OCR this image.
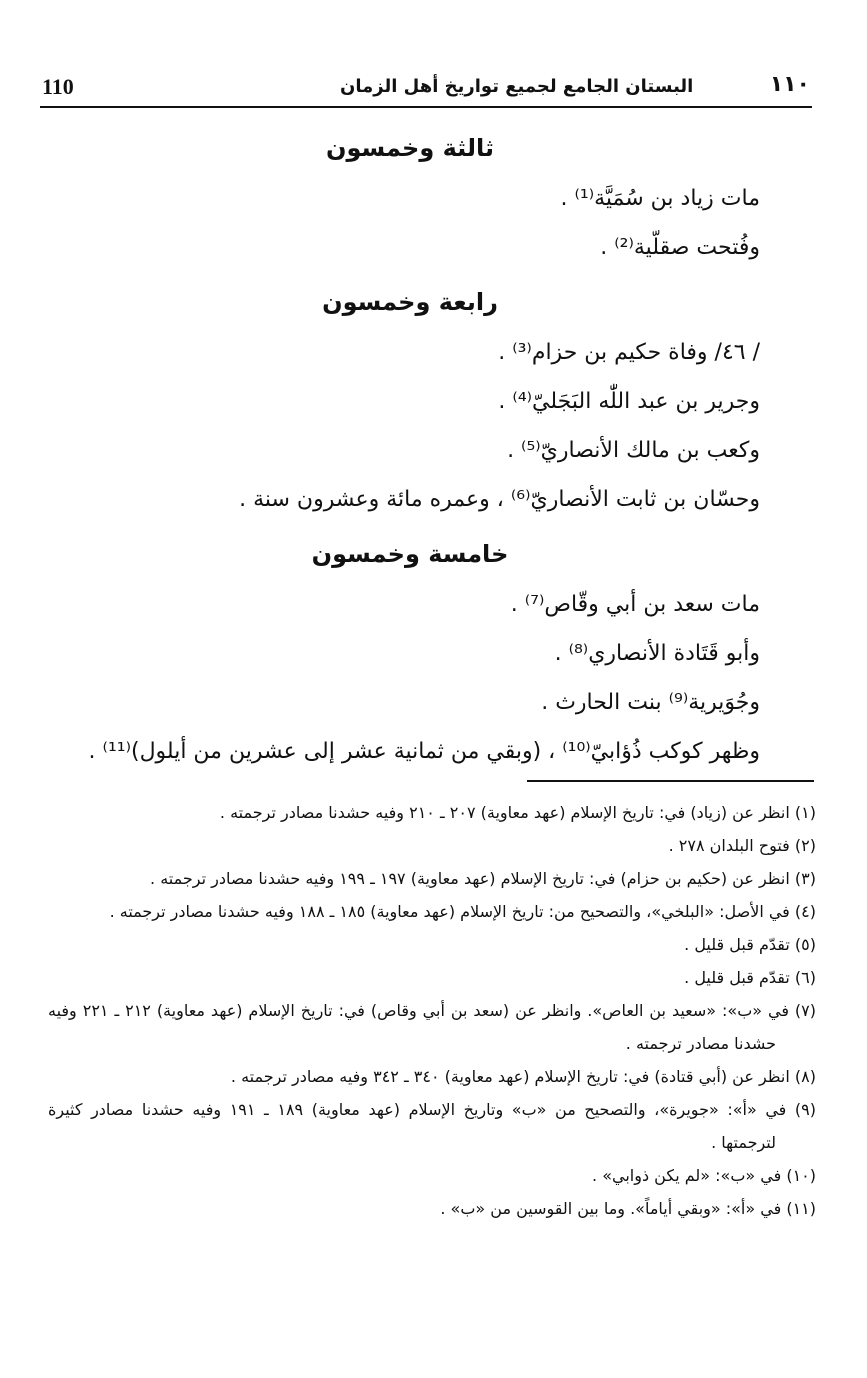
110	البستان الجامع لجميع تواريخ أهل الزمان	١١٠
ثالثة وخمسون
مات زياد بن سُمَيَّة⁽¹⁾ .
وفُتحت صقلّية⁽²⁾ .
رابعة وخمسون
/ ٤٦/ وفاة حكيم بن حزام⁽³⁾ .
وجرير بن عبد اللّٰه البَجَليّ⁽⁴⁾ .
وكعب بن مالك الأنصاريّ⁽⁵⁾ .
وحسّان بن ثابت الأنصاريّ⁽⁶⁾ ، وعمره مائة وعشرون سنة .
خامسة وخمسون
مات سعد بن أبي وقّاص⁽⁷⁾ .
وأبو قَتَادة الأنصاري⁽⁸⁾ .
وجُوَيرية⁽⁹⁾ بنت الحارث .
وظهر كوكب ذُؤابيّ⁽¹⁰⁾ ، (وبقي من ثمانية عشر إلى عشرين من أيلول)⁽¹¹⁾ .
(١) انظر عن (زياد) في: تاريخ الإسلام (عهد معاوية) ٢٠٧ ـ ٢١٠ وفيه حشدنا مصادر ترجمته .
(٢) فتوح البلدان ٢٧٨ .
(٣) انظر عن (حكيم بن حزام) في: تاريخ الإسلام (عهد معاوية) ١٩٧ ـ ١٩٩ وفيه حشدنا مصادر ترجمته .
(٤) في الأصل: «البلخي»، والتصحيح من: تاريخ الإسلام (عهد معاوية) ١٨٥ ـ ١٨٨ وفيه حشدنا مصادر ترجمته .
(٥) تقدّم قبل قليل .
(٦) تقدّم قبل قليل .
(٧) في «ب»: «سعيد بن العاص». وانظر عن (سعد بن أبي وقاص) في: تاريخ الإسلام (عهد معاوية) ٢١٢ ـ ٢٢١ وفيه حشدنا مصادر ترجمته .
(٨) انظر عن (أبي قتادة) في: تاريخ الإسلام (عهد معاوية) ٣٤٠ ـ ٣٤٢ وفيه مصادر ترجمته .
(٩) في «أ»: «جويرة»، والتصحيح من «ب» وتاريخ الإسلام (عهد معاوية) ١٨٩ ـ ١٩١ وفيه حشدنا مصادر كثيرة لترجمتها .
(١٠) في «ب»: «لم يكن ذوابي» .
(١١) في «أ»: «وبقي أياماً». وما بين القوسين من «ب» .
